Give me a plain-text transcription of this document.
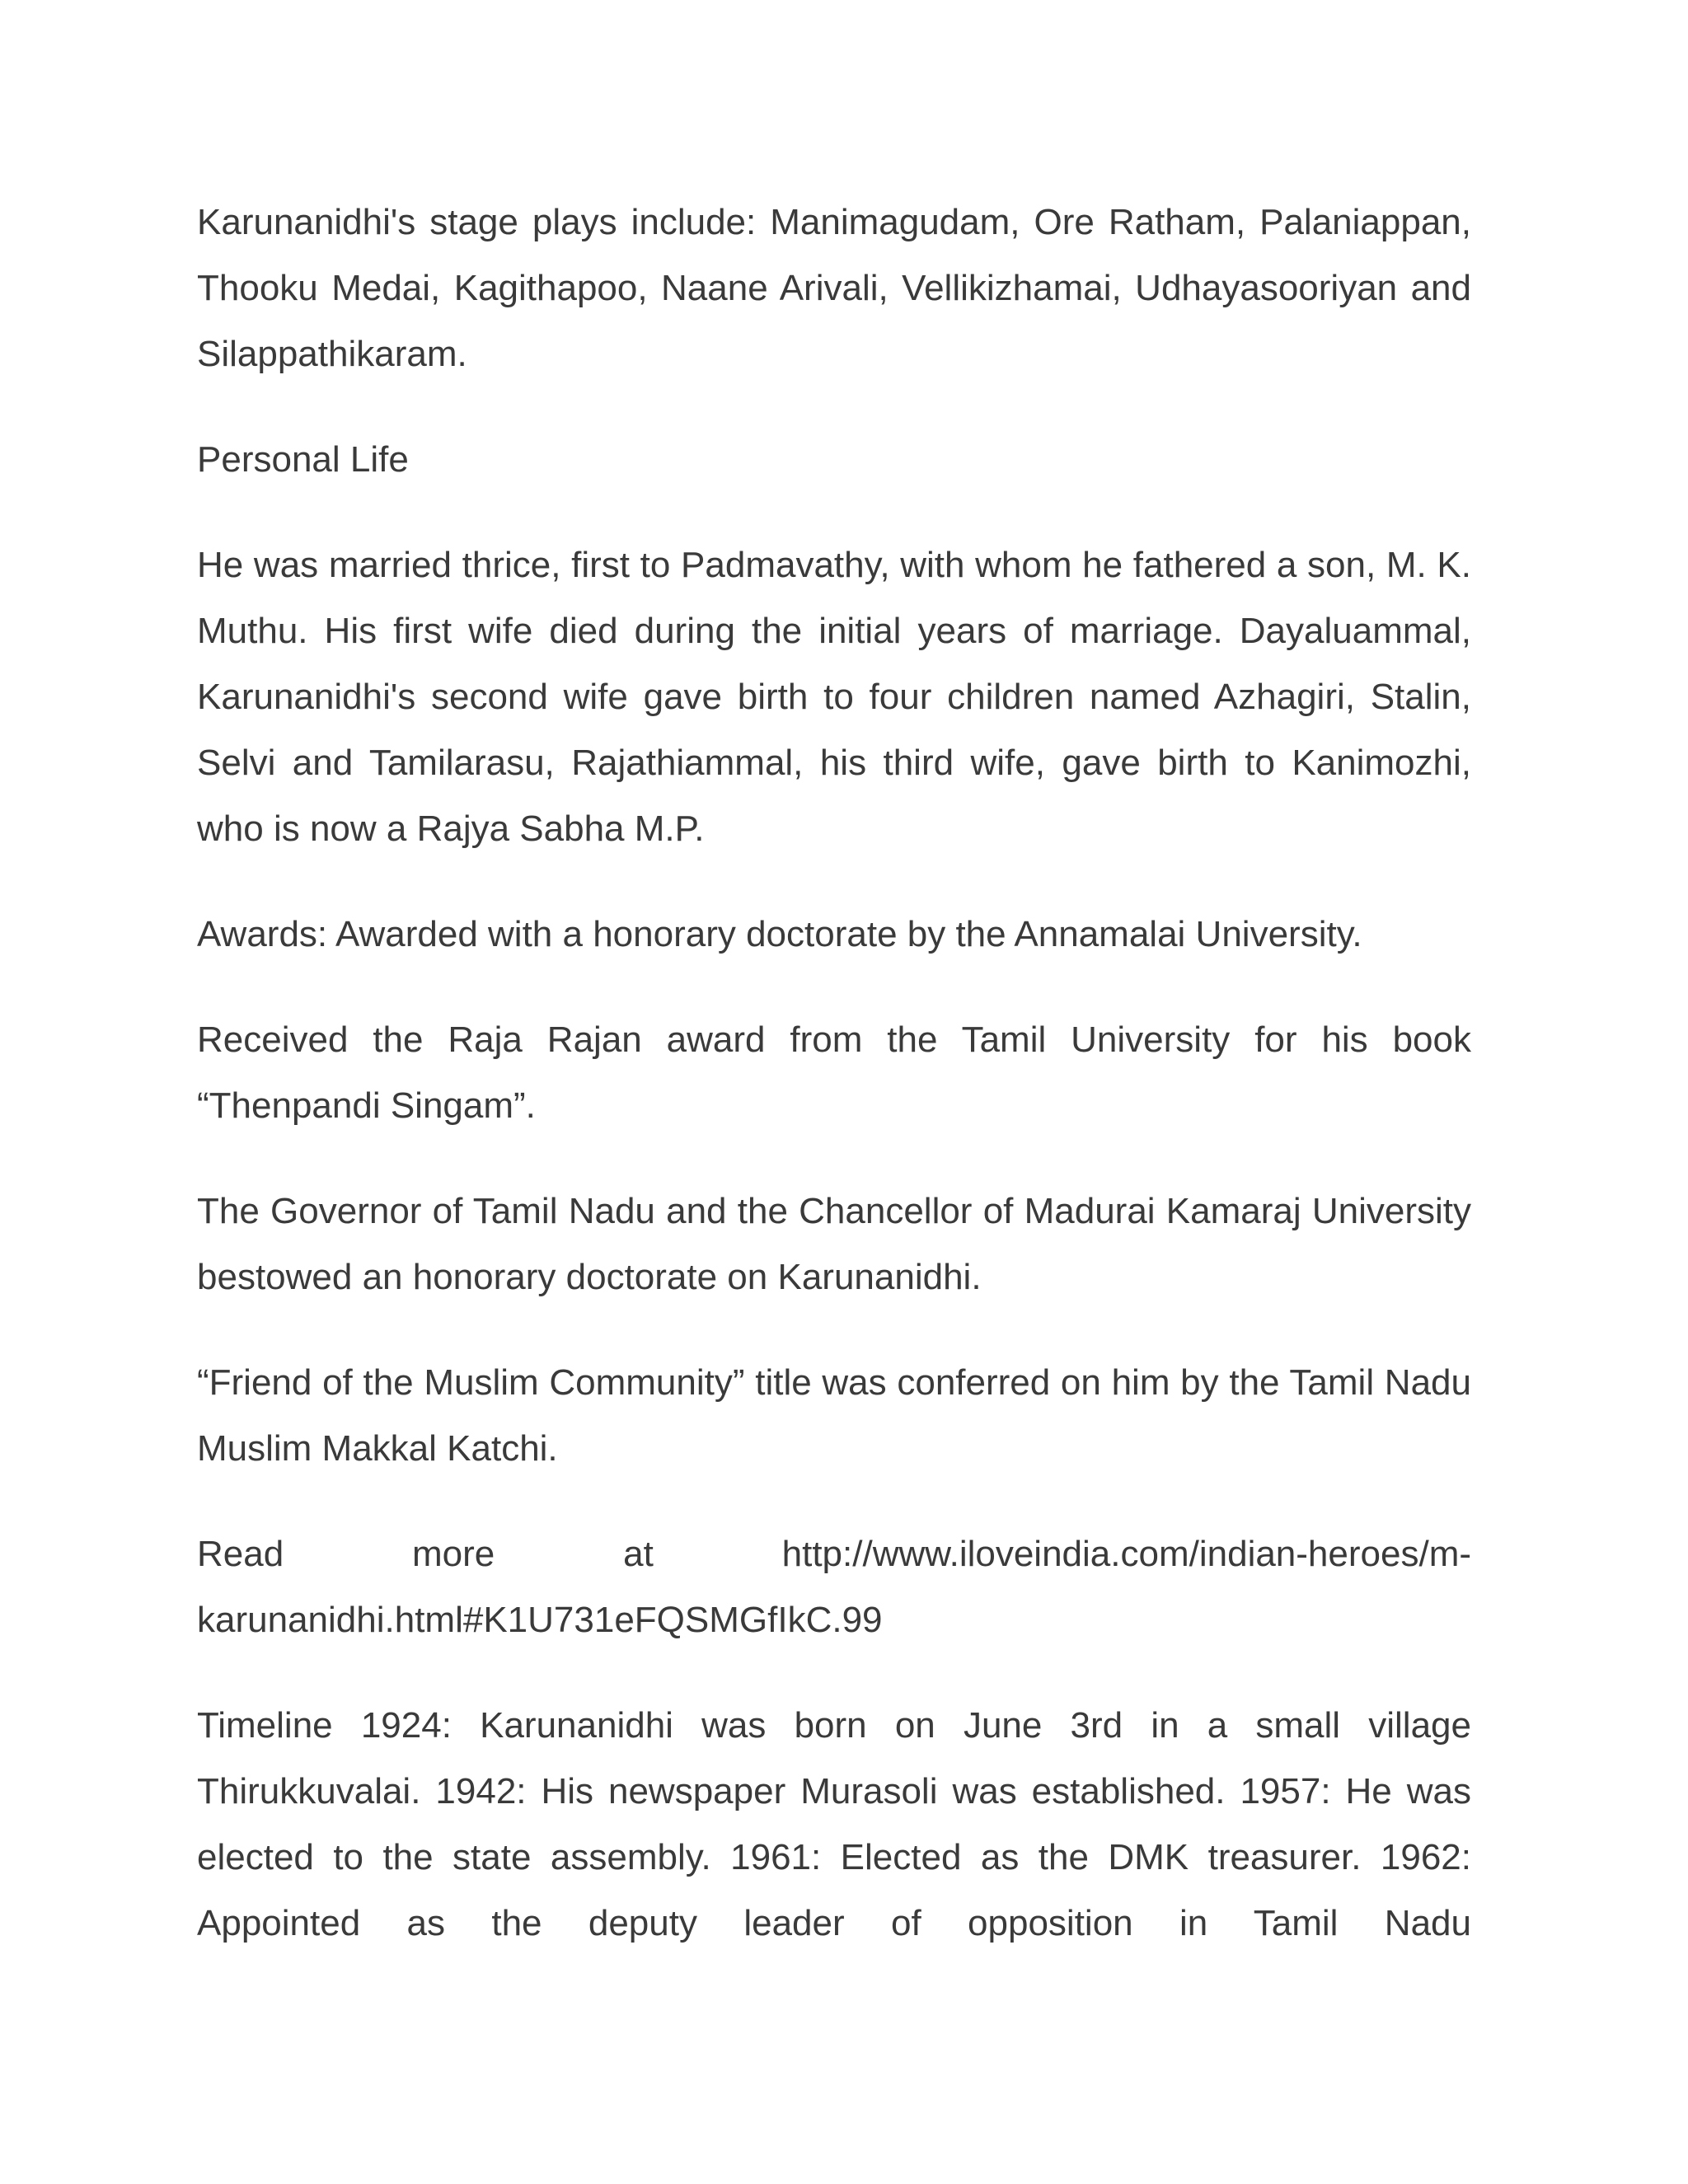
Karunanidhi's stage plays include: Manimagudam, Ore Ratham, Palaniappan, Thooku Medai, Kagithapoo, Naane Arivali, Vellikizhamai, Udhayasooriyan and Silappathikaram.

Personal Life

He was married thrice, first to Padmavathy, with whom he fathered a son, M. K. Muthu. His first wife died during the initial years of marriage. Dayaluammal, Karunanidhi's second wife gave birth to four children named Azhagiri, Stalin, Selvi and Tamilarasu, Rajathiammal, his third wife, gave birth to Kanimozhi, who is now a Rajya Sabha M.P.

Awards: Awarded with a honorary doctorate by the Annamalai University.

Received the Raja Rajan award from the Tamil University for his book “Thenpandi Singam”.

The Governor of Tamil Nadu and the Chancellor of Madurai Kamaraj University bestowed an honorary doctorate on Karunanidhi.

“Friend of the Muslim Community” title was conferred on him by the Tamil Nadu Muslim Makkal Katchi.

Read more at http://www.iloveindia.com/indian-heroes/m-karunanidhi.html#K1U731eFQSMGfIkC.99

Timeline 1924: Karunanidhi was born on June 3rd in a small village Thirukkuvalai. 1942: His newspaper Murasoli was established. 1957: He was elected to the state assembly. 1961: Elected as the DMK treasurer. 1962: Appointed as the deputy leader of opposition in Tamil Nadu
